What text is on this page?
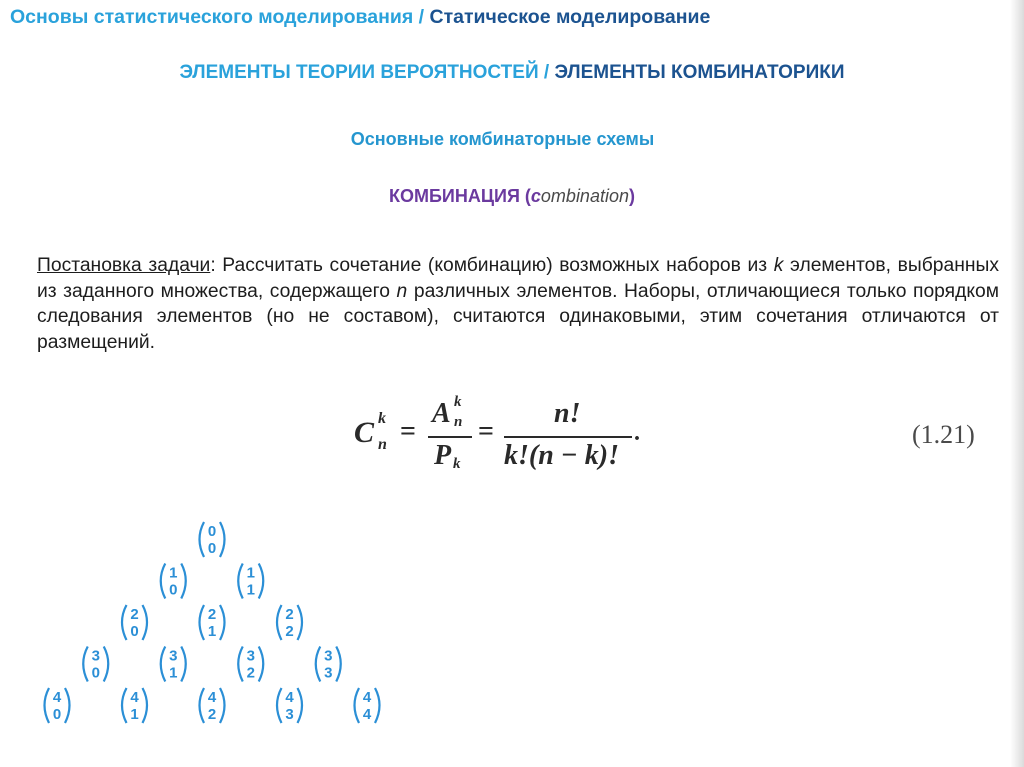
Основы статистического моделирования / Статическое моделирование
ЭЛЕМЕНТЫ ТЕОРИИ ВЕРОЯТНОСТЕЙ / ЭЛЕМЕНТЫ КОМБИНАТОРИКИ
Основные комбинаторные схемы
КОМБИНАЦИЯ (combination)
Постановка задачи: Рассчитать сочетание (комбинацию) возможных наборов из k элементов, выбранных из заданного множества, содержащего n различных элементов. Наборы, отличающиеся только порядком следования элементов (но не составом), считаются одинаковыми, этим сочетания отличаются от размещений.
C k
n =
A k
n
P k
=
n!
k!(n − k)!
.	(1.21)
0
0
1
0
1
1
2
0
2
1
2
2
3
0
3
1
3
2
3
3
4
0
4
1
4
2
4
3
4
4
